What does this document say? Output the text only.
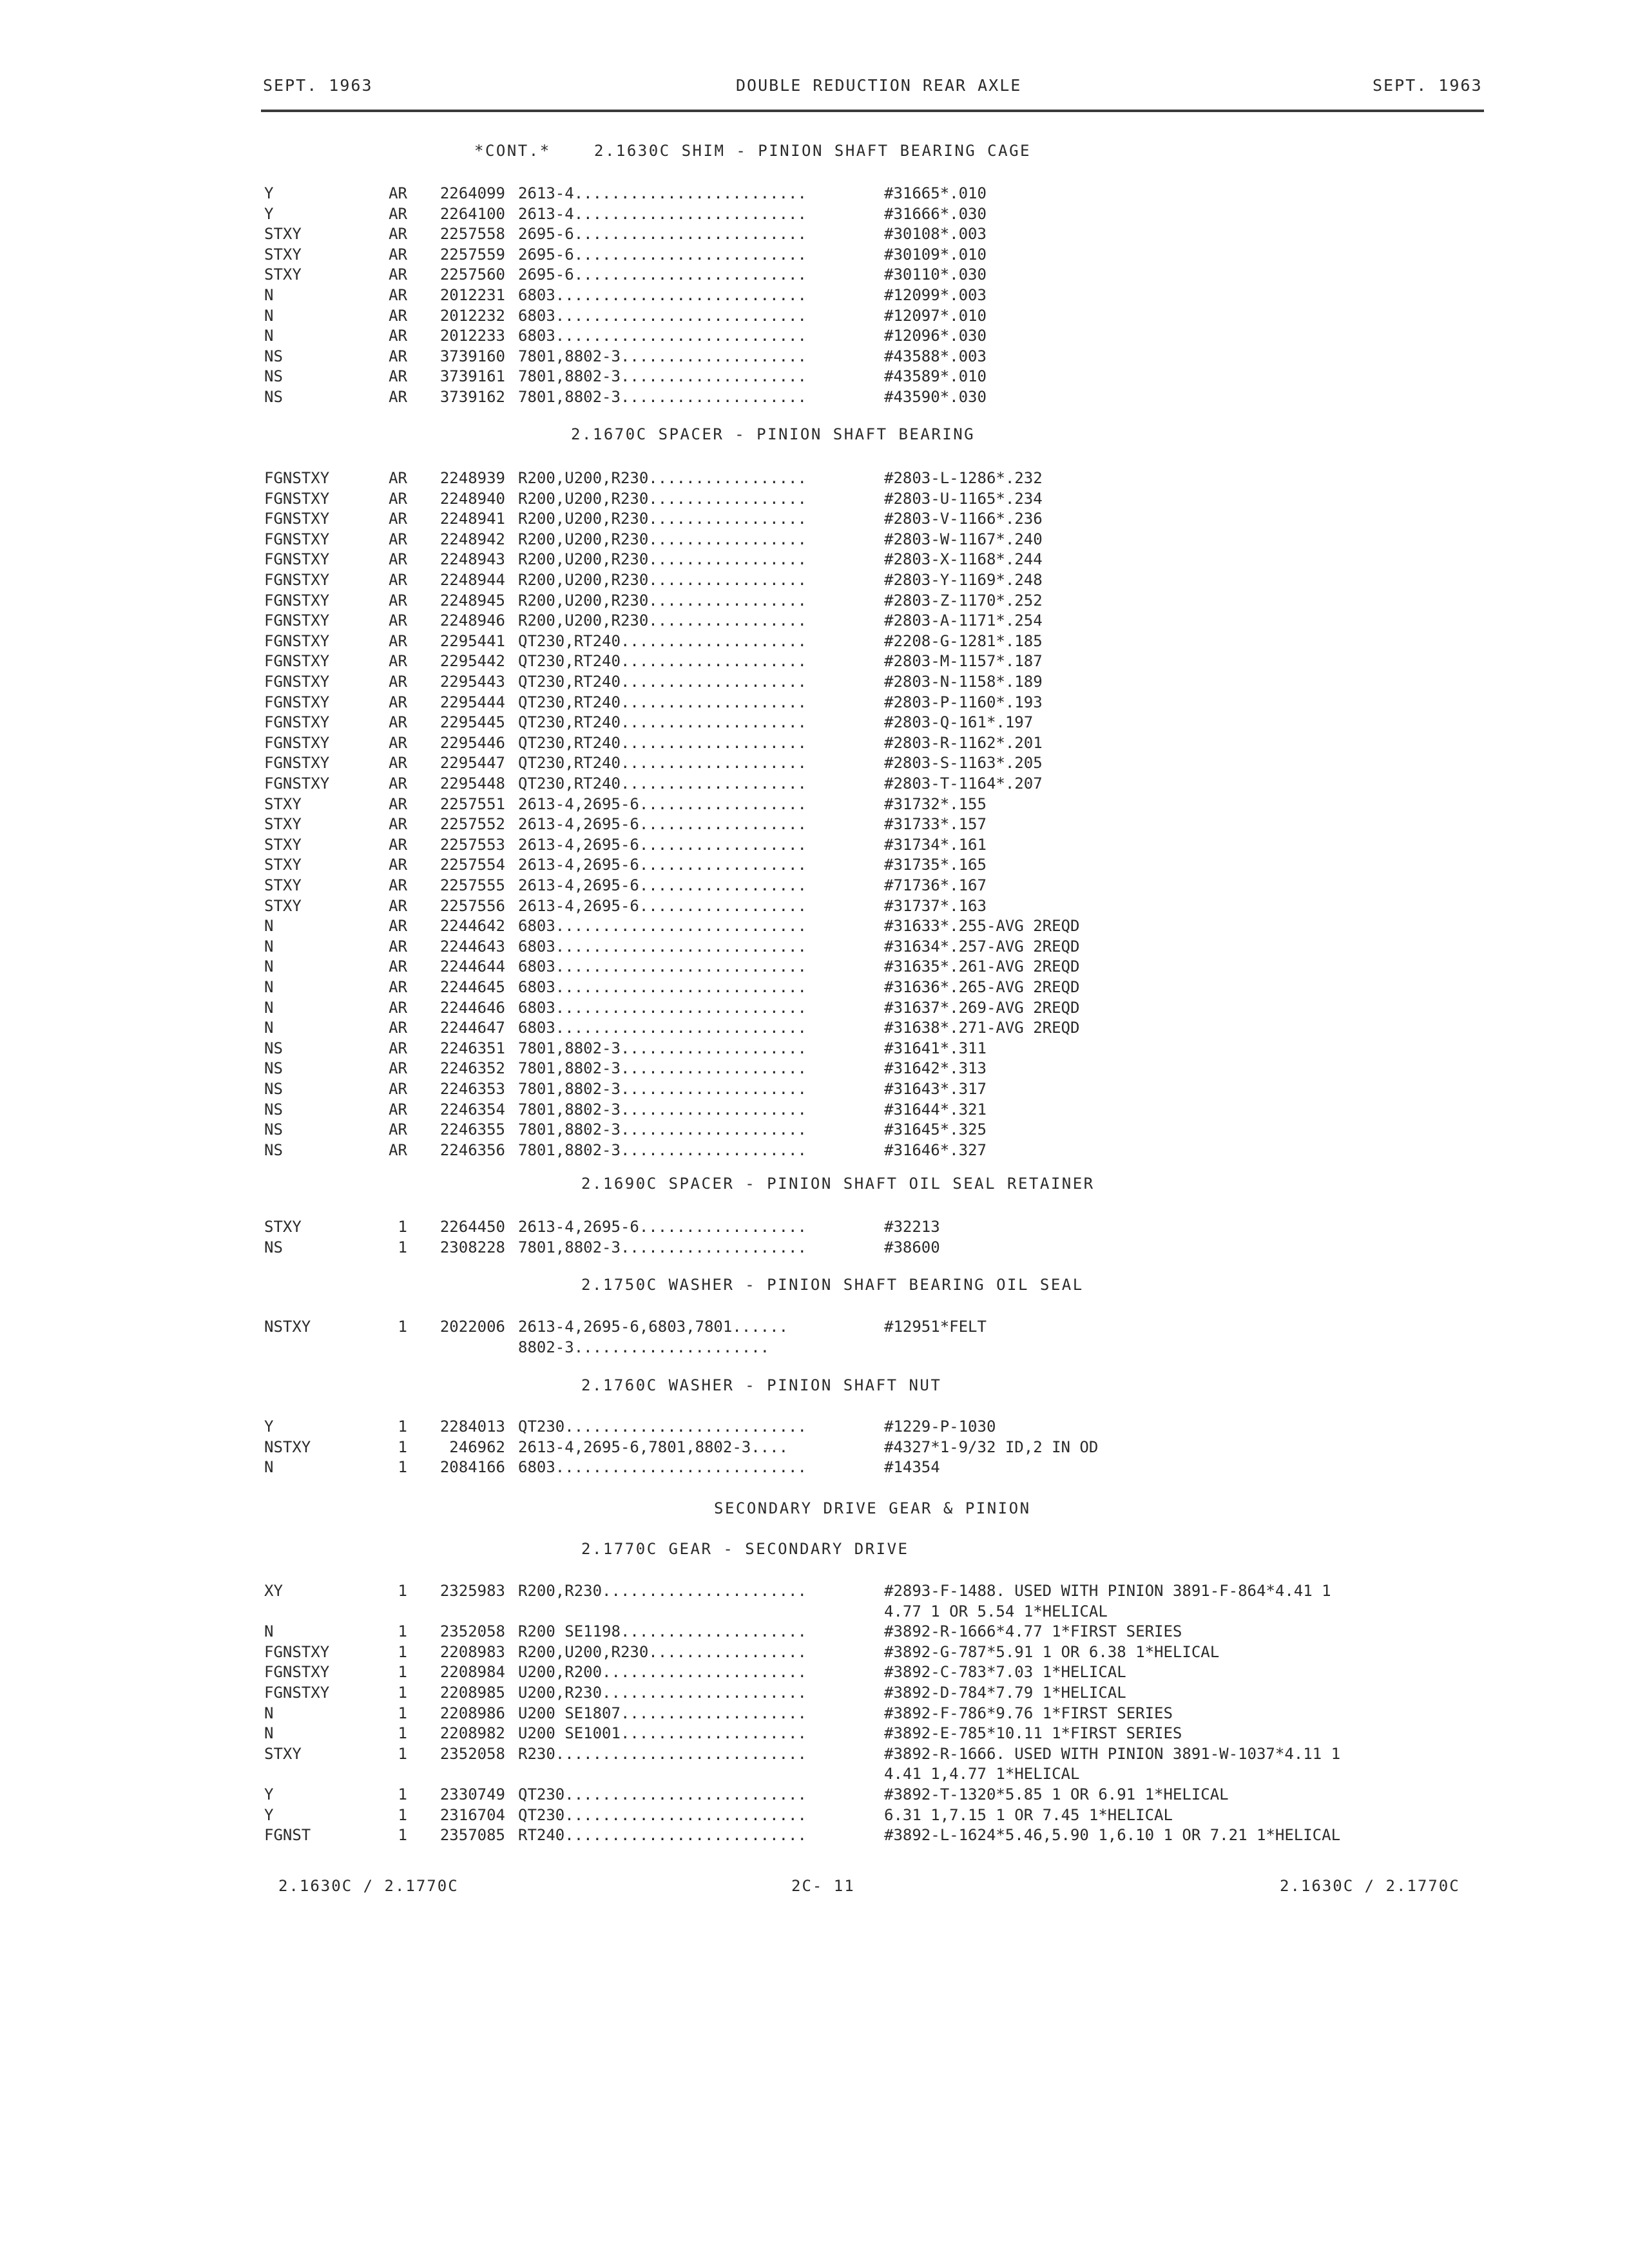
SEPT. 1963	DOUBLE REDUCTION REAR AXLE	SEPT. 1963
*CONT.*	2.1630C SHIM - PINION SHAFT BEARING CAGE
Y	AR	2264099 2613-4.........................	#31665*.010
Y	AR	2264100 2613-4.........................	#31666*.030
STXY	AR	2257558 2695-6.........................	#30108*.003
STXY	AR	2257559 2695-6.........................	#30109*.010
STXY	AR	2257560 2695-6.........................	#30110*.030
N	AR	2012231 6803...........................	#12099*.003
N	AR	2012232 6803...........................	#12097*.010
N	AR	2012233 6803...........................	#12096*.030
NS	AR	3739160 7801,8802-3....................	#43588*.003
NS	AR	3739161 7801,8802-3....................	#43589*.010
NS	AR	3739162 7801,8802-3....................	#43590*.030
2.1670C SPACER - PINION SHAFT BEARING
FGNSTXY	AR	2248939 R200,U200,R230.................	#2803-L-1286*.232
FGNSTXY	AR	2248940 R200,U200,R230.................	#2803-U-1165*.234
FGNSTXY	AR	2248941 R200,U200,R230.................	#2803-V-1166*.236
FGNSTXY	AR	2248942 R200,U200,R230.................	#2803-W-1167*.240
FGNSTXY	AR	2248943 R200,U200,R230.................	#2803-X-1168*.244
FGNSTXY	AR	2248944 R200,U200,R230.................	#2803-Y-1169*.248
FGNSTXY	AR	2248945 R200,U200,R230.................	#2803-Z-1170*.252
FGNSTXY	AR	2248946 R200,U200,R230.................	#2803-A-1171*.254
FGNSTXY	AR	2295441 QT230,RT240....................	#2208-G-1281*.185
FGNSTXY	AR	2295442 QT230,RT240....................	#2803-M-1157*.187
FGNSTXY	AR	2295443 QT230,RT240....................	#2803-N-1158*.189
FGNSTXY	AR	2295444 QT230,RT240....................	#2803-P-1160*.193
FGNSTXY	AR	2295445 QT230,RT240....................	#2803-Q-161*.197
FGNSTXY	AR	2295446 QT230,RT240....................	#2803-R-1162*.201
FGNSTXY	AR	2295447 QT230,RT240....................	#2803-S-1163*.205
FGNSTXY	AR	2295448 QT230,RT240....................	#2803-T-1164*.207
STXY	AR	2257551 2613-4,2695-6..................	#31732*.155
STXY	AR	2257552 2613-4,2695-6..................	#31733*.157
STXY	AR	2257553 2613-4,2695-6..................	#31734*.161
STXY	AR	2257554 2613-4,2695-6..................	#31735*.165
STXY	AR	2257555 2613-4,2695-6..................	#71736*.167
STXY	AR	2257556 2613-4,2695-6..................	#31737*.163
N	AR	2244642 6803...........................	#31633*.255-AVG 2REQD
N	AR	2244643 6803...........................	#31634*.257-AVG 2REQD
N	AR	2244644 6803...........................	#31635*.261-AVG 2REQD
N	AR	2244645 6803...........................	#31636*.265-AVG 2REQD
N	AR	2244646 6803...........................	#31637*.269-AVG 2REQD
N	AR	2244647 6803...........................	#31638*.271-AVG 2REQD
NS	AR	2246351 7801,8802-3....................	#31641*.311
NS	AR	2246352 7801,8802-3....................	#31642*.313
NS	AR	2246353 7801,8802-3....................	#31643*.317
NS	AR	2246354 7801,8802-3....................	#31644*.321
NS	AR	2246355 7801,8802-3....................	#31645*.325
NS	AR	2246356 7801,8802-3....................	#31646*.327
2.1690C SPACER - PINION SHAFT OIL SEAL RETAINER
STXY	1	2264450 2613-4,2695-6..................	#32213
NS	1	2308228 7801,8802-3....................	#38600
2.1750C WASHER - PINION SHAFT BEARING OIL SEAL
NSTXY	1	2022006 2613-4,2695-6,6803,7801......	#12951*FELT
8802-3.....................
2.1760C WASHER - PINION SHAFT NUT
Y	1	2284013 QT230..........................	#1229-P-1030
NSTXY	1	246962 2613-4,2695-6,7801,8802-3....	#4327*1-9/32 ID,2 IN OD
N	1	2084166 6803...........................	#14354
SECONDARY DRIVE GEAR & PINION
2.1770C GEAR - SECONDARY DRIVE
XY	1	2325983 R200,R230......................	#2893-F-1488. USED WITH PINION 3891-F-864*4.41 1
4.77 1 OR 5.54 1*HELICAL
N	1	2352058 R200 SE1198....................	#3892-R-1666*4.77 1*FIRST SERIES
FGNSTXY	1	2208983 R200,U200,R230.................	#3892-G-787*5.91 1 OR 6.38 1*HELICAL
FGNSTXY	1	2208984 U200,R200......................	#3892-C-783*7.03 1*HELICAL
FGNSTXY	1	2208985 U200,R230......................	#3892-D-784*7.79 1*HELICAL
N	1	2208986 U200 SE1807....................	#3892-F-786*9.76 1*FIRST SERIES
N	1	2208982 U200 SE1001....................	#3892-E-785*10.11 1*FIRST SERIES
STXY	1	2352058 R230...........................	#3892-R-1666. USED WITH PINION 3891-W-1037*4.11 1
4.41 1,4.77 1*HELICAL
Y	1	2330749 QT230..........................	#3892-T-1320*5.85 1 OR 6.91 1*HELICAL
Y	1	2316704 QT230..........................	6.31 1,7.15 1 OR 7.45 1*HELICAL
FGNST	1	2357085 RT240..........................	#3892-L-1624*5.46,5.90 1,6.10 1 OR 7.21 1*HELICAL
2.1630C / 2.1770C	2C- 11	2.1630C / 2.1770C
